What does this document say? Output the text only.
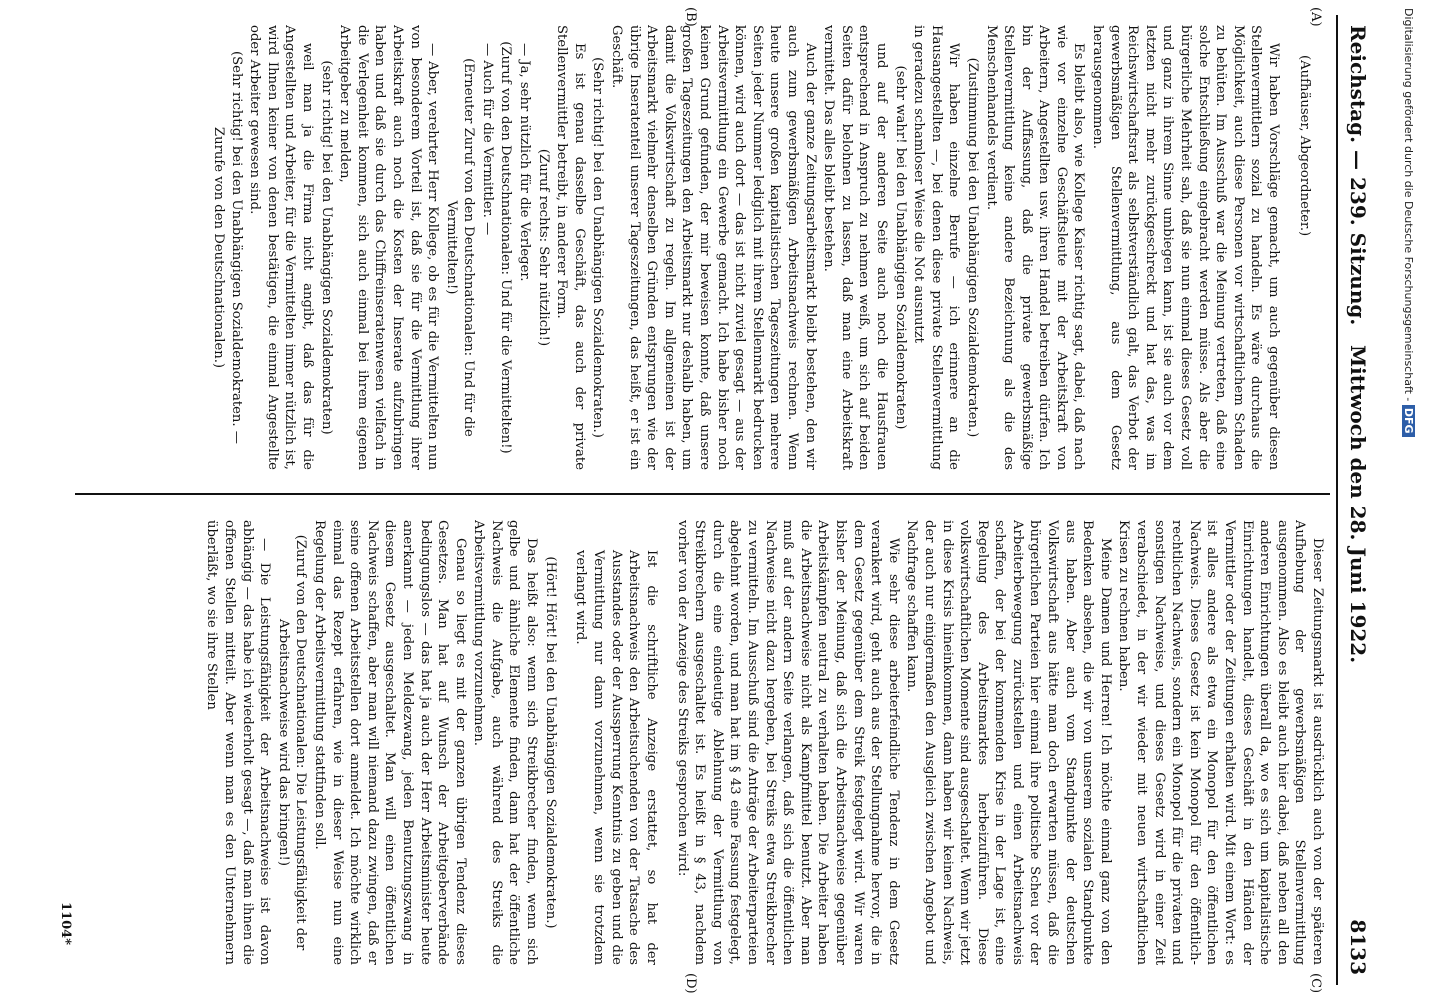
Reichstag. — 239. Sitzung.
Mittwoch den 28. Juni 1922.
8133
(A)
(B)
(C)
(D)

(Aufhäuser, Abgeordneter.)

Wir haben Vorschläge gemacht, um auch gegenüber diesen Stellenvermittlern sozial zu handeln. Es wäre durchaus die Möglichkeit, auch diese Personen vor wirtschaftlichem Schaden zu behüten. Im Ausschuß war die Meinung vertreten, daß eine solche Entschließung eingebracht werden müsse. Als aber die bürgerliche Mehrheit sah, daß sie nun einmal dieses Gesetz voll und ganz in ihrem Sinne umbiegen kann, ist sie auch vor dem letzten nicht mehr zurückgeschreckt und hat das, was im Reichswirtschaftsrat als selbstverständlich galt, das Verbot der gewerbsmäßigen Stellenvermittlung, aus dem Gesetz herausgenommen.

Es bleibt also, wie Kollege Kaiser richtig sagt, dabei, daß nach wie vor einzelne Geschäftsleute mit der Arbeitskraft von Arbeitern, Angestellten usw. ihren Handel betreiben dürfen. Ich bin der Auffassung, daß die private gewerbsmäßige Stellenvermittlung keine andere Bezeichnung als die des Menschenhandels verdient.

(Zustimmung bei den Unabhängigen Sozialdemokraten.)

Wir haben einzelne Berufe — ich erinnere an die Hausangestellten —, bei denen diese private Stellenvermittlung in geradezu schamloser Weise die Not ausnutzt

(sehr wahr! bei den Unabhängigen Sozialdemokraten)

und auf der anderen Seite auch noch die Hausfrauen entsprechend in Anspruch zu nehmen weiß, um sich auf beiden Seiten dafür belohnen zu lassen, daß man eine Arbeitskraft vermittelt. Das alles bleibt bestehen.

Auch der ganze Zeitungsarbeitsmarkt bleibt bestehen, den wir auch zum gewerbsmäßigen Arbeitsnachweis rechnen. Wenn heute unsere großen kapitalistischen Tageszeitungen mehrere Seiten jeder Nummer lediglich mit ihrem Stellenmarkt bedrucken können, wird auch dort — das ist nicht zuviel gesagt — aus der Arbeitsvermittlung ein Gewerbe gemacht. Ich habe bisher noch keinen Grund gefunden, der mir beweisen konnte, daß unsere großen Tageszeitungen den Arbeitsmarkt nur deshalb haben, um damit die Volkswirtschaft zu regeln. Im allgemeinen ist der Arbeitsmarkt vielmehr denselben Gründen entsprungen wie der übrige Inseratenteil unserer Tageszeitungen, das heißt, er ist ein Geschäft.

(Sehr richtig! bei den Unabhängigen Sozialdemokraten.)

Es ist genau dasselbe Geschäft, das auch der private Stellenvermittler betreibt, in anderer Form.

(Zuruf rechts: Sehr nützlich!)

— Ja, sehr nützlich für die Verleger.

(Zuruf von den Deutschnationalen: Und für die Vermittelten!)

— Auch für die Vermittler. —

(Erneuter Zuruf von den Deutschnationalen: Und für die Vermittelten!)

— Aber, verehrter Herr Kollege, ob es für die Vermittelten nun von besonderem Vorteil ist, daß sie für die Vermittlung ihrer Arbeitskraft auch noch die Kosten der Inserate aufzubringen haben und daß sie durch das Chiffreinseratenwesen vielfach in die Verlegenheit kommen, sich auch einmal bei ihrem eigenen Arbeitgeber zu melden,

(sehr richtig! bei den Unabhängigen Sozialdemokraten)

weil man ja die Firma nicht angibt, daß das für die Angestellten und Arbeiter, für die Vermittelten immer nützlich ist, wird Ihnen keiner von denen bestätigen, die einmal Angestellte oder Arbeiter gewesen sind.

(Sehr richtig! bei den Unabhängigen Sozialdemokraten. — Zurufe von den Deutschnationalen.)

Dieser Zeitungsmarkt ist ausdrücklich auch von der späteren Aufhebung der gewerbsmäßigen Stellenvermittlung ausgenommen. Also es bleibt auch hier dabei, daß neben all den anderen Einrichtungen überall da, wo es sich um kapitalistische Einrichtungen handelt, dieses Geschäft in den Händen der Vermittler oder der Zeitungen erhalten wird. Mit einem Wort: es ist alles andere als etwa ein Monopol für den öffentlichen Nachweis. Dieses Gesetz ist kein Monopol für den öffentlich-rechtlichen Nachweis, sondern ein Monopol für die privaten und sonstigen Nachweise, und dieses Gesetz wird in einer Zeit verabschiedet, in der wir wieder mit neuen wirtschaftlichen Krisen zu rechnen haben.

Meine Damen und Herren! Ich möchte einmal ganz von den Bedenken absehen, die wir von unserem sozialen Standpunkte aus haben. Aber auch vom Standpunkte der deutschen Volkswirtschaft aus hätte man doch erwarten müssen, daß die bürgerlichen Parteien hier einmal ihre politische Scheu vor der Arbeiterbewegung zurückstellen und einen Arbeitsnachweis schaffen, der bei der kommenden Krise in der Lage ist, eine Regelung des Arbeitsmarktes herbeizuführen. Diese volkswirtschaftlichen Momente sind ausgeschaltet. Wenn wir jetzt in diese Krisis hineinkommen, dann haben wir keinen Nachweis, der auch nur einigermaßen den Ausgleich zwischen Angebot und Nachfrage schaffen kann.

Wie sehr diese arbeiterfeindliche Tendenz in dem Gesetz verankert wird, geht auch aus der Stellungnahme hervor, die in dem Gesetz gegenüber dem Streik festgelegt wird. Wir waren bisher der Meinung, daß sich die Arbeitsnachweise gegenüber Arbeitskämpfen neutral zu verhalten haben. Die Arbeiter haben die Arbeitsnachweise nicht als Kampfmittel benutzt. Aber man muß auf der andern Seite verlangen, daß sich die öffentlichen Nachweise nicht dazu hergeben, bei Streiks etwa Streikbrecher zu vermitteln. Im Ausschuß sind die Anträge der Arbeiterparteien abgelehnt worden, und man hat im § 43 eine Fassung festgelegt, durch die eine eindeutige Ablehnung der Vermittlung von Streikbrechern ausgeschaltet ist. Es heißt in § 43, nachdem vorher von der Anzeige des Streiks gesprochen wird:

Ist die schriftliche Anzeige erstattet, so hat der Arbeitsnachweis den Arbeitsuchenden von der Tatsache des Ausstandes oder der Aussperrung Kenntnis zu geben und die Vermittlung nur dann vorzunehmen, wenn sie trotzdem verlangt wird.

(Hört! Hört! bei den Unabhängigen Sozialdemokraten.)

Das heißt also: wenn sich Streikbrecher finden, wenn sich gelbe und ähnliche Elemente finden, dann hat der öffentliche Nachweis die Aufgabe, auch während des Streiks die Arbeitsvermittlung vorzunehmen.

Genau so liegt es mit der ganzen übrigen Tendenz dieses Gesetzes. Man hat auf Wunsch der Arbeitgeberverbände bedingungslos — das hat ja auch der Herr Arbeitsminister heute anerkannt — jeden Meldezwang, jeden Benutzungszwang in diesem Gesetz ausgeschaltet. Man will einen öffentlichen Nachweis schaffen, aber man will niemand dazu zwingen, daß er seine offenen Arbeitsstellen dort anmeldet. Ich möchte wirklich einmal das Rezept erfahren, wie in dieser Weise nun eine Regelung der Arbeitsvermittlung stattfinden soll.

(Zuruf von den Deutschnationalen: Die Leistungsfähigkeit der Arbeitsnachweise wird das bringen!)

— Die Leistungsfähigkeit der Arbeitsnachweise ist davon abhängig — das habe ich wiederholt gesagt —, daß man ihnen die offenen Stellen mitteilt. Aber wenn man es den Unternehmern überläßt, wo sie ihre Stellen

1104*
Digitalisierung gefördert durch die Deutsche Forschungsgemeinschaft - DFG
